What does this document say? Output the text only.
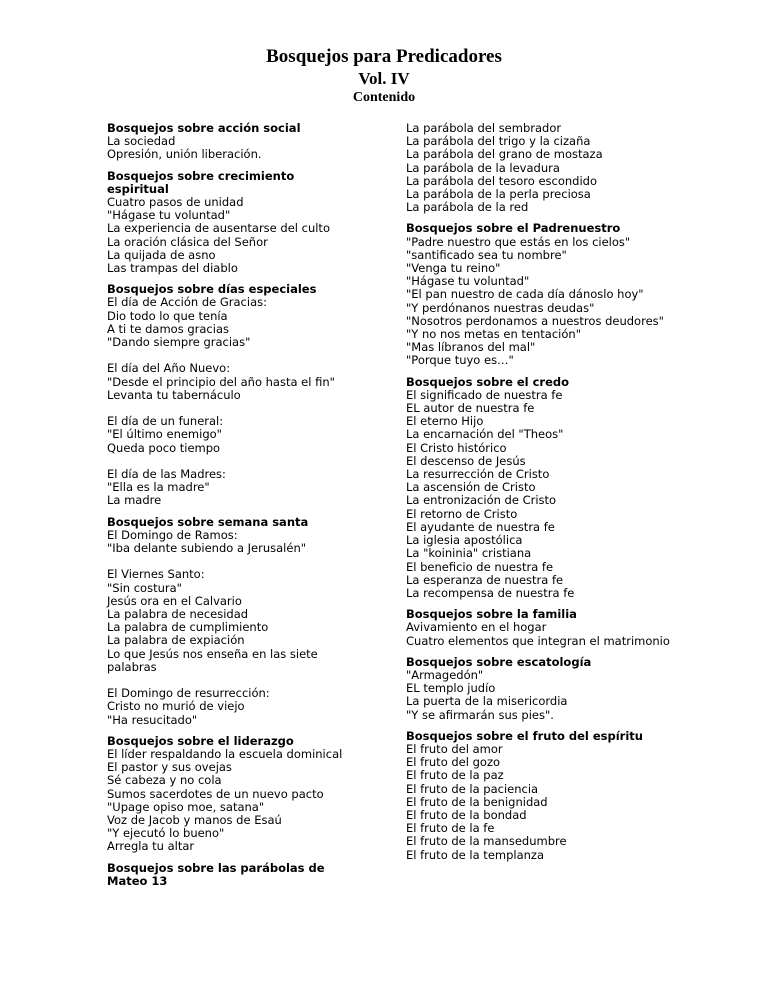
Bosquejos para Predicadores
Vol. IV
Contenido
Bosquejos sobre acción social
La sociedad
Opresión, unión liberación.
Bosquejos sobre crecimiento espiritual
Cuatro pasos de unidad
"Hágase tu voluntad"
La experiencia de ausentarse del culto
La oración clásica del Señor
La quijada de asno
Las trampas del diablo
Bosquejos sobre días especiales
El día de Acción de Gracias:
Dio todo lo que tenía
A ti te damos gracias
"Dando siempre gracias"
El día del Año Nuevo:
"Desde el principio del año hasta el fin"
Levanta tu tabernáculo
El día de un funeral:
"El último enemigo"
Queda poco tiempo
El día de las Madres:
"Ella es la madre"
La madre
Bosquejos sobre semana santa
El Domingo de Ramos:
"Iba delante subiendo a Jerusalén"
El Viernes Santo:
"Sin costura"
Jesús ora en el Calvario
La palabra de necesidad
La palabra de cumplimiento
La palabra de expiación
Lo que Jesús nos enseña en las siete palabras
El Domingo de resurrección:
Cristo no murió de viejo
"Ha resucitado"
Bosquejos sobre el liderazgo
El líder respaldando la escuela dominical
El pastor y sus ovejas
Sé cabeza y no cola
Sumos sacerdotes de un nuevo pacto
"Upage opiso moe, satana"
Voz de Jacob y manos de Esaú
"Y ejecutó lo bueno"
Arregla tu altar
Bosquejos sobre las parábolas de Mateo 13
La parábola del sembrador
La parábola del trigo y la cizaña
La parábola del grano de mostaza
La parábola de la levadura
La parábola del tesoro escondido
La parábola de la perla preciosa
La parábola de la red
Bosquejos sobre el Padrenuestro
"Padre nuestro que estás en los cielos"
"santificado sea tu nombre"
"Venga tu reino"
"Hágase tu voluntad"
"El pan nuestro de cada día dánoslo hoy"
"Y perdónanos nuestras deudas"
"Nosotros perdonamos a nuestros deudores"
"Y no nos metas en tentación"
"Mas líbranos del mal"
"Porque tuyo es…"
Bosquejos sobre el credo
El significado de nuestra fe
EL autor de nuestra fe
El eterno Hijo
La encarnación del "Theos"
El Cristo histórico
El descenso de Jesús
La resurrección de Cristo
La ascensión de Cristo
La entronización de Cristo
El retorno de Cristo
El ayudante de nuestra fe
La iglesia apostólica
La "koininia" cristiana
El beneficio de nuestra fe
La esperanza de nuestra fe
La recompensa de nuestra fe
Bosquejos sobre la familia
Avivamiento en el hogar
Cuatro elementos que integran el matrimonio
Bosquejos sobre escatología
"Armagedón"
EL templo judío
La puerta de la misericordia
"Y se afirmarán sus pies".
Bosquejos sobre el fruto del espíritu
El fruto del amor
El fruto del gozo
El fruto de la paz
El fruto de la paciencia
El fruto de la benignidad
El fruto de la bondad
El fruto de la fe
El fruto de la mansedumbre
El fruto de la templanza
